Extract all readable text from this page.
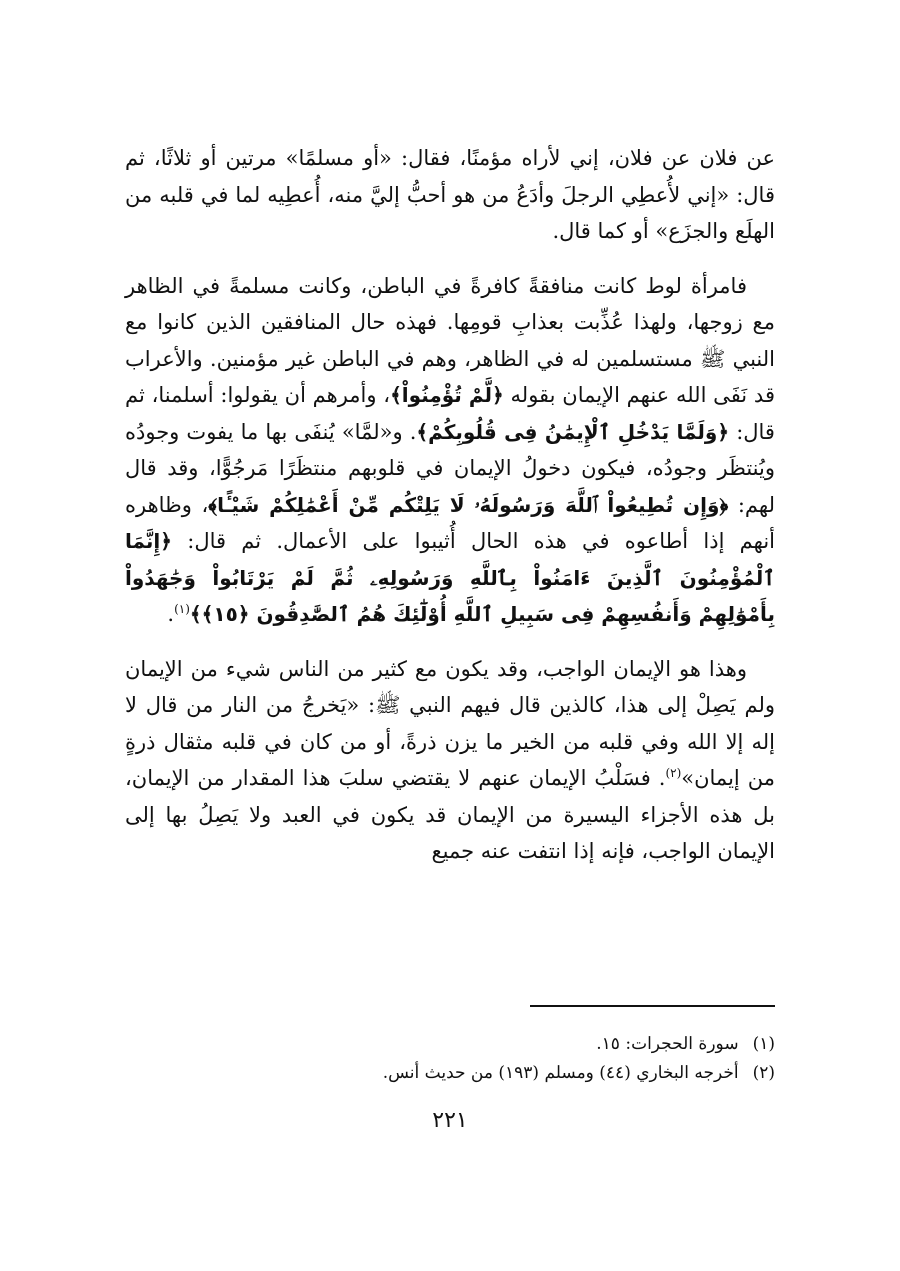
عن فلان عن فلان، إني لأراه مؤمنًا، فقال: «أو مسلمًا» مرتين أو ثلاثًا، ثم قال: «إني لأُعطِي الرجلَ وأدَعُ من هو أحبُّ إليَّ منه، أُعطِيه لما في قلبه من الهلَع والجزَع» أو كما قال.

فامرأة لوط كانت منافقةً كافرةً في الباطن، وكانت مسلمةً في الظاهر مع زوجها، ولهذا عُذِّبت بعذابِ قومِها. فهذه حال المنافقين الذين كانوا مع النبي ﷺ مستسلمين له في الظاهر، وهم في الباطن غير مؤمنين. والأعراب قد نَفَى الله عنهم الإيمان بقوله ﴿لَّمْ تُؤْمِنُواْ﴾، وأمرهم أن يقولوا: أسلمنا، ثم قال: ﴿وَلَمَّا يَدْخُلِ ٱلْإِيمَٰنُ فِى قُلُوبِكُمْ﴾. و«لمَّا» يُنفَى بها ما يفوت وجودُه ويُنتظَر وجودُه، فيكون دخولُ الإيمان في قلوبهم منتظَرًا مَرجُوًّا، وقد قال لهم: ﴿وَإِن تُطِيعُواْ ٱللَّهَ وَرَسُولَهُۥ لَا يَلِتْكُم مِّنْ أَعْمَٰلِكُمْ شَيْـًٔا﴾، وظاهره أنهم إذا أطاعوه في هذه الحال أُثيبوا على الأعمال. ثم قال: ﴿إِنَّمَا ٱلْمُؤْمِنُونَ ٱلَّذِينَ ءَامَنُواْ بِٱللَّهِ وَرَسُولِهِۦ ثُمَّ لَمْ يَرْتَابُواْ وَجَٰهَدُواْ بِأَمْوَٰلِهِمْ وَأَنفُسِهِمْ فِى سَبِيلِ ٱللَّهِ أُوْلَٰٓئِكَ هُمُ ٱلصَّٰدِقُونَ ﴿١٥﴾﴾$^{(١)}$.

وهذا هو الإيمان الواجب، وقد يكون مع كثير من الناس شيء من الإيمان ولم يَصِلْ إلى هذا، كالذين قال فيهم النبي ﷺ: «يَخرجُ من النار من قال لا إله إلا الله وفي قلبه من الخير ما يزن ذرةً، أو من كان في قلبه مثقال ذرةٍ من إيمان»$^{(٢)}$. فسَلْبُ الإيمان عنهم لا يقتضي سلبَ هذا المقدار من الإيمان، بل هذه الأجزاء اليسيرة من الإيمان قد يكون في العبد ولا يَصِلُ بها إلى الإيمان الواجب، فإنه إذا انتفت عنه جميع

(١)
سورة الحجرات: ١٥.

(٢)
أخرجه البخاري (٤٤) ومسلم (١٩٣) من حديث أنس.

٢٢١
